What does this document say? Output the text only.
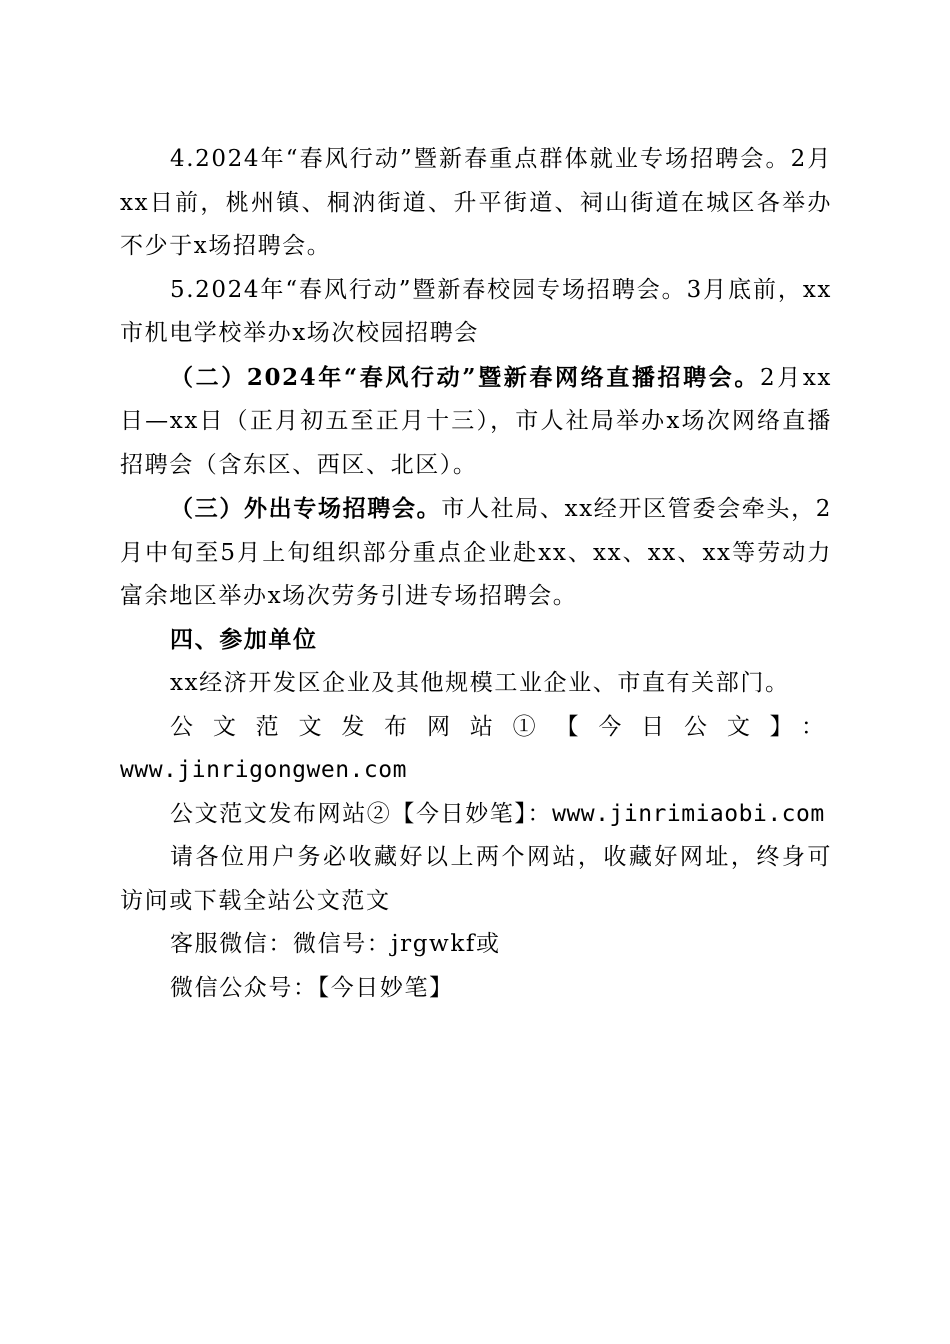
4.2024年“春风行动”暨新春重点群体就业专场招聘会。2月xx日前，桃州镇、桐汭街道、升平街道、祠山街道在城区各举办不少于x场招聘会。

5.2024年“春风行动”暨新春校园专场招聘会。3月底前，xx市机电学校举办x场次校园招聘会

（二）2024年“春风行动”暨新春网络直播招聘会。2月xx日—xx日（正月初五至正月十三），市人社局举办x场次网络直播招聘会（含东区、西区、北区）。

（三）外出专场招聘会。市人社局、xx经开区管委会牵头，2月中旬至5月上旬组织部分重点企业赴xx、xx、xx、xx等劳动力富余地区举办x场次劳务引进专场招聘会。

四、参加单位

xx经济开发区企业及其他规模工业企业、市直有关部门。

公文范文发布网站①【今日公文】：

www.jinrigongwen.com

公文范文发布网站②【今日妙笔】：www.jinrimiaobi.com

请各位用户务必收藏好以上两个网站，收藏好网址，终身可访问或下载全站公文范文

客服微信：微信号：jrgwkf或

微信公众号：【今日妙笔】
